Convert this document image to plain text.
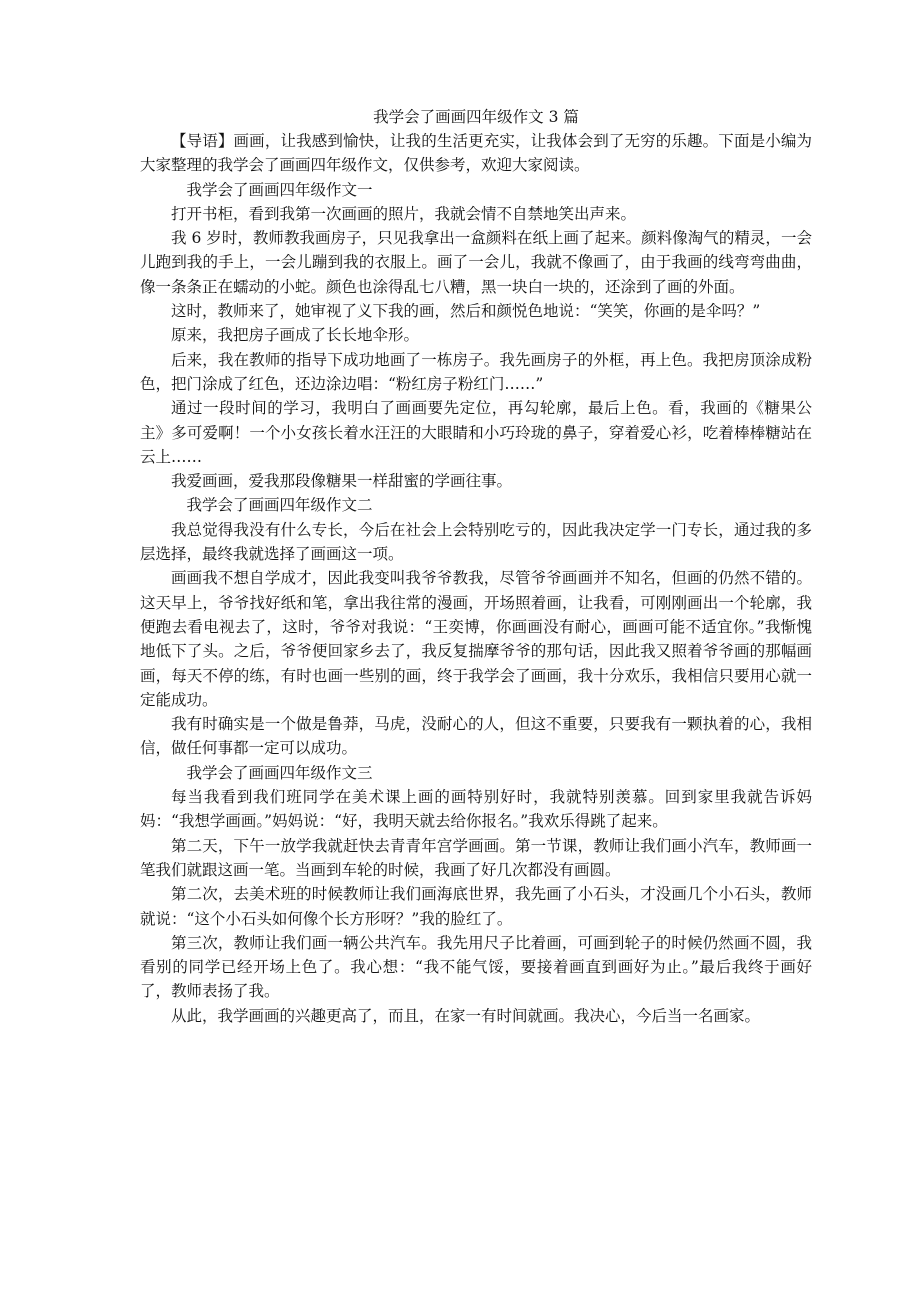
我学会了画画四年级作文 3 篇

【导语】画画，让我感到愉快，让我的生活更充实，让我体会到了无穷的乐趣。下面是小编为大家整理的我学会了画画四年级作文，仅供参考，欢迎大家阅读。

我学会了画画四年级作文一

打开书柜，看到我第一次画画的照片，我就会情不自禁地笑出声来。

我 6 岁时，教师教我画房子，只见我拿出一盒颜料在纸上画了起来。颜料像淘气的精灵，一会儿跑到我的手上，一会儿蹦到我的衣服上。画了一会儿，我就不像画了，由于我画的线弯弯曲曲，像一条条正在蠕动的小蛇。颜色也涂得乱七八糟，黑一块白一块的，还涂到了画的外面。

这时，教师来了，她审视了义下我的画，然后和颜悦色地说：“笑笑，你画的是伞吗？”

原来，我把房子画成了长长地伞形。

后来，我在教师的指导下成功地画了一栋房子。我先画房子的外框，再上色。我把房顶涂成粉色，把门涂成了红色，还边涂边唱：“粉红房子粉红门……”

通过一段时间的学习，我明白了画画要先定位，再勾轮廓，最后上色。看，我画的《糖果公主》多可爱啊！一个小女孩长着水汪汪的大眼睛和小巧玲珑的鼻子，穿着爱心衫，吃着棒棒糖站在云上……

我爱画画，爱我那段像糖果一样甜蜜的学画往事。

我学会了画画四年级作文二

我总觉得我没有什么专长，今后在社会上会特别吃亏的，因此我决定学一门专长，通过我的多层选择，最终我就选择了画画这一项。

画画我不想自学成才，因此我变叫我爷爷教我，尽管爷爷画画并不知名，但画的仍然不错的。这天早上，爷爷找好纸和笔，拿出我往常的漫画，开场照着画，让我看，可刚刚画出一个轮廓，我便跑去看电视去了，这时，爷爷对我说：“王奕博，你画画没有耐心，画画可能不适宜你。”我惭愧地低下了头。之后，爷爷便回家乡去了，我反复揣摩爷爷的那句话，因此我又照着爷爷画的那幅画画，每天不停的练，有时也画一些别的画，终于我学会了画画，我十分欢乐，我相信只要用心就一定能成功。

我有时确实是一个做是鲁莽，马虎，没耐心的人，但这不重要，只要我有一颗执着的心，我相信，做任何事都一定可以成功。

我学会了画画四年级作文三

每当我看到我们班同学在美术课上画的画特别好时，我就特别羡慕。回到家里我就告诉妈妈：“我想学画画。”妈妈说：“好，我明天就去给你报名。”我欢乐得跳了起来。

第二天，下午一放学我就赶快去青青年宫学画画。第一节课，教师让我们画小汽车，教师画一笔我们就跟这画一笔。当画到车轮的时候，我画了好几次都没有画圆。

第二次，去美术班的时候教师让我们画海底世界，我先画了小石头，才没画几个小石头，教师就说：“这个小石头如何像个长方形呀？”我的脸红了。

第三次，教师让我们画一辆公共汽车。我先用尺子比着画，可画到轮子的时候仍然画不圆，我看别的同学已经开场上色了。我心想：“我不能气馁，要接着画直到画好为止。”最后我终于画好了，教师表扬了我。

从此，我学画画的兴趣更高了，而且，在家一有时间就画。我决心，今后当一名画家。
